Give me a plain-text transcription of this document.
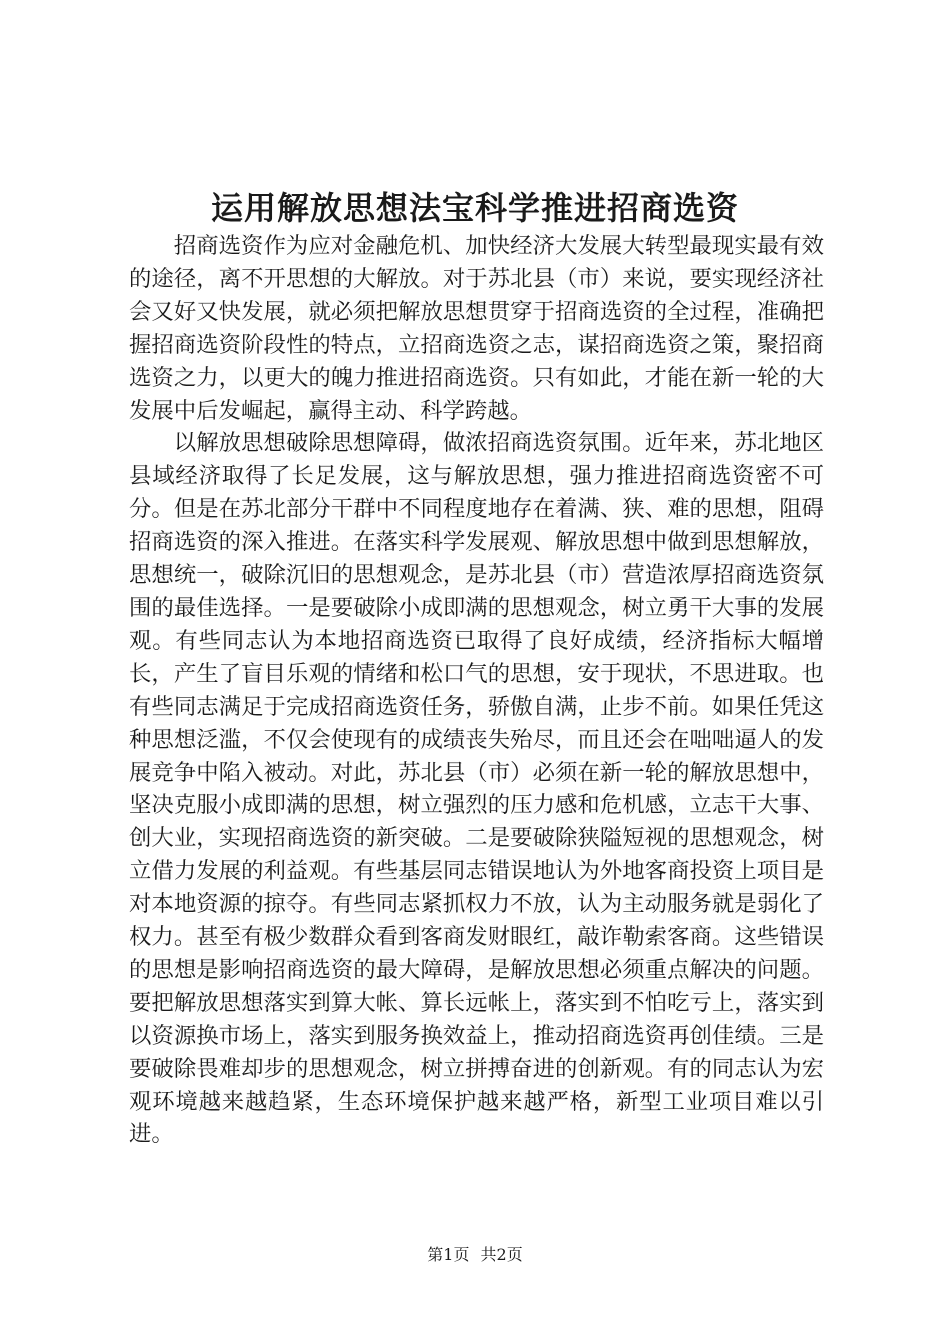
运用解放思想法宝科学推进招商选资

招商选资作为应对金融危机、加快经济大发展大转型最现实最有效的途径，离不开思想的大解放。对于苏北县（市）来说，要实现经济社会又好又快发展，就必须把解放思想贯穿于招商选资的全过程，准确把握招商选资阶段性的特点，立招商选资之志，谋招商选资之策，聚招商选资之力，以更大的魄力推进招商选资。只有如此，才能在新一轮的大发展中后发崛起，赢得主动、科学跨越。

以解放思想破除思想障碍，做浓招商选资氛围。近年来，苏北地区县域经济取得了长足发展，这与解放思想，强力推进招商选资密不可分。但是在苏北部分干群中不同程度地存在着满、狭、难的思想，阻碍招商选资的深入推进。在落实科学发展观、解放思想中做到思想解放，思想统一，破除沉旧的思想观念，是苏北县（市）营造浓厚招商选资氛围的最佳选择。一是要破除小成即满的思想观念，树立勇干大事的发展观。有些同志认为本地招商选资已取得了良好成绩，经济指标大幅增长，产生了盲目乐观的情绪和松口气的思想，安于现状，不思进取。也有些同志满足于完成招商选资任务，骄傲自满，止步不前。如果任凭这种思想泛滥，不仅会使现有的成绩丧失殆尽，而且还会在咄咄逼人的发展竞争中陷入被动。对此，苏北县（市）必须在新一轮的解放思想中，坚决克服小成即满的思想，树立强烈的压力感和危机感，立志干大事、创大业，实现招商选资的新突破。二是要破除狭隘短视的思想观念，树立借力发展的利益观。有些基层同志错误地认为外地客商投资上项目是对本地资源的掠夺。有些同志紧抓权力不放，认为主动服务就是弱化了权力。甚至有极少数群众看到客商发财眼红，敲诈勒索客商。这些错误的思想是影响招商选资的最大障碍，是解放思想必须重点解决的问题。要把解放思想落实到算大帐、算长远帐上，落实到不怕吃亏上，落实到以资源换市场上，落实到服务换效益上，推动招商选资再创佳绩。三是要破除畏难却步的思想观念，树立拼搏奋进的创新观。有的同志认为宏观环境越来越趋紧，生态环境保护越来越严格，新型工业项目难以引进。

第1页 共2页
